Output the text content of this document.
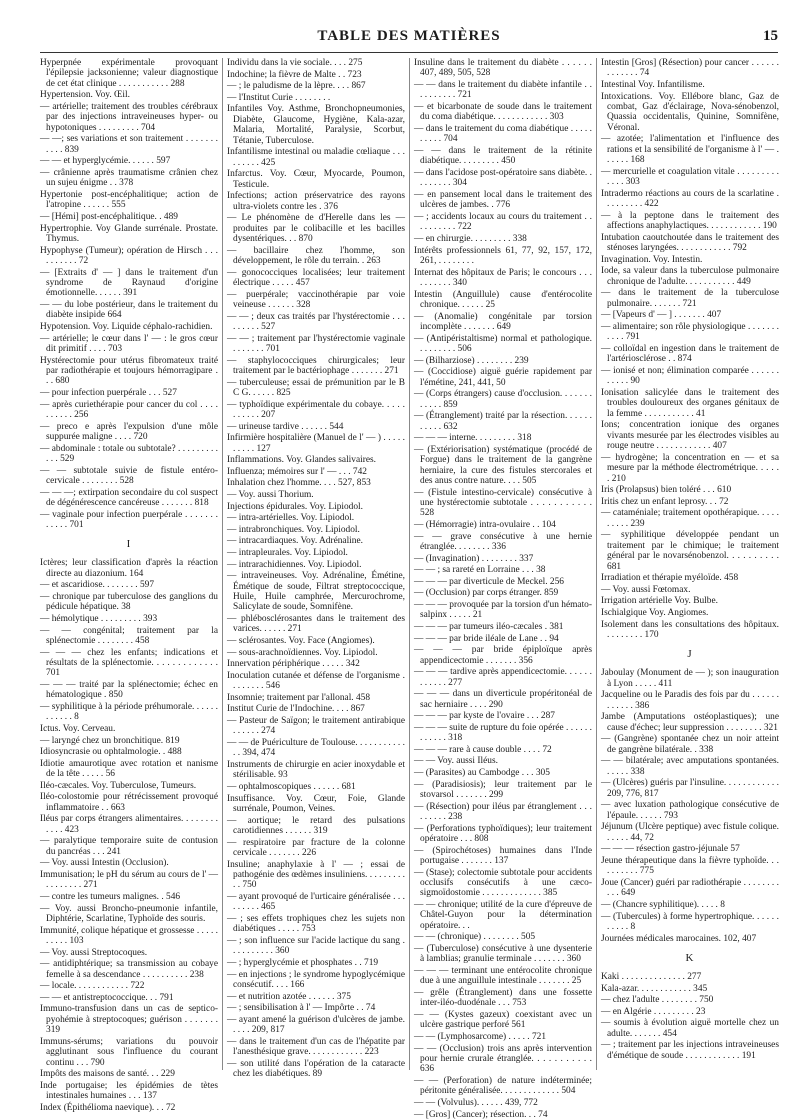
TABLE DES MATIÈRES	15
Hyperpnée expérimentale provoquant l'épilepsie jacksonienne; valeur diagnostique de cet état clinique . . . . . . . . . . . 288
Hypertension. Voy. Œil.
— artérielle; traitement des troubles cérébraux par des injections intraveineuses hyper- ou hypotoniques . . . . . . . . . 704
— —; ses variations et son traitement . . . . . . . . . . . 839
— — et hyperglycémie. . . . . . 597
— crânienne après traumatisme crânien chez un sujeu énigme . . 378
Hypertonie post-encéphalitique; action de l'atropine . . . . . . 555
— [Hémi] post-encéphalitique. . 489
Hypertrophie. Voy Glande surrénale. Prostate. Thymus.
Hypophyse (Tumeur); opération de Hirsch . . . . . . . . . . 72
— [Extraits d' — ] dans le traitement d'un syndrome de Raynaud d'origine émotionnelle. . . . . . 391
— — du lobe postérieur, dans le traitement du diabète insipide 664
Hypotension. Voy. Liquide céphalo-rachidien.
— artérielle; le cœur dans l' — : le gros cœur dit primitif . . . . 703
Hystérectomie pour utérus fibromateux traité par radiothérapie et toujours hémorragipare . . . 680
— pour infection puerpérale . . . 527
— après curiethérapie pour cancer du col . . . . . . . . . . 256
— preco e après l'expulsion d'une môle suppurée maligne . . . . 720
— abdominale : totale ou subtotale? . . . . . . . . . . . . 529
— — subtotale suivie de fistule entéro-cervicale . . . . . . . . 528
— — —; extirpation secondaire du col suspect de dégénérescence cancéreuse . . . . . . . 818
— vaginale pour infection puerpérale . . . . . . . . . . . . 701
I
Ictères; leur classification d'après la réaction directe au diazonium. 164
— et ascaridiose. . . . . . . . 597
— chronique par tuberculose des ganglions du pédicule hépatique. 38
— hémolytique . . . . . . . . . 393
— — congénital; traitement par la splénectomie . . . . . . . . 458
— — — chez les enfants; indications et résultats de la splénectomie. . . . . . . . . . . . . 701
— — — traité par la splénectomie; échec en hématologique . 850
— syphilitique à la période préhumorale. . . . . . . . . . . . 8
Ictus. Voy. Cerveau.
— laryngé chez un bronchitique. 819
Idiosyncrasie ou ophtalmologie. . 488
Idiotie amaurotique avec rotation et nanisme de la tête . . . . . 56
Iléo-cæcales. Voy. Tuberculose, Tumeurs.
Iléo-colostomie pour rétrécissement provoqué inflammatoire . . 663
Iléus par corps étrangers alimentaires. . . . . . . . . . . . 423
— paralytique temporaire suite de contusion du pancréas . . . 241
— Voy. aussi Intestin (Occlusion).
Immunisation; le pH du sérum au cours de l' — . . . . . . . . 271
— contre les tumeurs malignes. . 546
— Voy. aussi Broncho-pneumonie infantile, Diphtérie, Scarlatine, Typhoïde des souris.
Immunité, colique hépatique et grossesse . . . . . . . . . . 103
— Voy. aussi Streptocoques.
— antidiphtérique; sa transmission au cobaye femelle à sa descendance . . . . . . . . . . 238
— locale. . . . . . . . . . . . 722
— — et antistreptococcique. . . 791
Immuno-transfusion dans un cas de septico-pyohémie à streptocoques; guérison . . . . . . . 319
Immuns-sérums; variations du pouvoir agglutinant sous l'influence du courant continu . . . 790
Impôts des maisons de santé. . . 229
Inde portugaise; les épidémies de tètes intestinales humaines . . . 137
Index (Épithélioma naevique). . . 72
Individu dans la vie sociale. . . . 275
Indochine; la fièvre de Malte . . 723
— ; le paludisme de la lèpre. . . . 867
— l'Institut Curie . . . . . . . .
Infantiles Voy. Asthme, Bronchopneumonies, Diabète, Glaucome, Hygiène, Kala-azar, Malaria, Mortalité, Paralysie, Scorbut, Tétanie, Tuberculose.
Infantilisme intestinal ou maladie cœliaque . . . . . . . . . 425
Infarctus. Voy. Cœur, Myocarde, Poumon, Testicule.
Infections; action préservatrice des rayons ultra-violets contre les . 376
— Le phénomène de d'Herelle dans les — produites par le colibacille et les bacilles dysentériques. . . 870
— bacillaire chez l'homme, son développement, le rôle du terrain. . 263
— gonococciques localisées; leur traitement électrique . . . . . 457
— puerpérale; vaccinothérapie par voie veineuse . . . . . . 328
— — ; deux cas traités par l'hystérectomie . . . . . . . . . 527
— — ; traitement par l'hystérectomie vaginale . . . . . . . 701
— staphylococciques chirurgicales; leur traitement par le bactériophage . . . . . . . 271
— tuberculeuse; essai de prémunition par le B C G. . . . . . 825
— typhoïdique expérimentale du cobaye. . . . . . . . . . . 207
— urineuse tardive . . . . . . 544
Infirmière hospitalière (Manuel de l' — ) . . . . . . . . . . 127
Inflammations. Voy. Glandes salivaires.
Influenza; mémoires sur l' — . . . 742
Inhalation chez l'homme. . . . 527, 853
— Voy. aussi Thorium.
Injections épidurales. Voy. Lipiodol.
— intra-artérielles. Voy. Lipiodol.
— intrabronchiques. Voy. Lipiodol.
— intracardiaques. Voy. Adrénaline.
— intrapleurales. Voy. Lipiodol.
— intrarachidiennes. Voy. Lipiodol.
— intraveineuses. Voy. Adrénaline, Émétine, Émétique de soude, Filtrat streptococcique, Huile, Huile camphrée, Mercurochrome, Salicylate de soude, Somnifène.
— phlébosclérosantes dans le traitement des varices. . . . . . 271
— sclérosantes. Voy. Face (Angiomes).
— sous-arachnoïdiennes. Voy. Lipiodol.
Innervation périphérique . . . . . 342
Inoculation cutanée et défense de l'organisme . . . . . . . . 546
Insomnie; traitement par l'allonal. 458
Institut Curie de l'Indochine. . . . 867
— Pasteur de Saïgon; le traitement antirabique . . . . . . 274
— — de Puériculture de Toulouse. . . . . . . . . . . . . 394, 474
Instruments de chirurgie en acier inoxydable et stérilisable. 93
— ophtalmoscopiques . . . . . . 681
Insuffisance. Voy. Cœur, Foie, Glande surrénale, Poumon, Veines.
— aortique; le retard des pulsations carotidiennes . . . . . . 319
— respiratoire par fracture de la colonne cervicale . . . . . . . 226
Insuline; anaphylaxie à l' — ; essai de pathogénie des œdèmes insuliniens. . . . . . . . . . . 750
— ayant provoqué de l'urticaire généralisée . . . . . . . . . 465
— ; ses effets trophiques chez les sujets non diabétiques . . . . . 753
— ; son influence sur l'acide lactique du sang . . . . . . . . . . 360
— ; hyperglycémie et phosphates . . 719
— en injections ; le syndrome hypoglycémique consécutif. . . . 166
— et nutrition azotée . . . . . . 375
— ; sensibilisation à l' — Impôrte . . 74
— ayant amené la guérison d'ulcères de jambe. . . . . 209, 817
— dans le traitement d'un cas de l'hépatite par l'anesthésique grave. . . . . . . . . . . . 223
— son utilité dans l'opération de la cataracte chez les diabétiques. 89
Insuline dans le traitement du diabète . . . . . . 407, 489, 505, 528
— — dans le traitement du diabète infantile . . . . . . . . . . 721
— et bicarbonate de soude dans le traitement du coma diabétique. . . . . . . . . . . . 303
— dans le traitement du coma diabétique . . . . . . . . . . 704
— — dans le traitement de la rétinite diabétique. . . . . . . . . 450
— dans l'acidose post-opératoire sans diabète. . . . . . . . . 304
— en pansement local dans le traitement des ulcères de jambes. . 776
— ; accidents locaux au cours du traitement . . . . . . . . . . 722
— en chirurgie. . . . . . . . . 338
Intérêts professionnels 61, 77, 92, 157, 172, 261, . . . . . . . .
Internat des hôpitaux de Paris; le concours . . . . . . . . . . 340
Intestin (Anguillule) cause d'entérocolite chronique. . . . . . 25
— (Anomalie) congénitale par torsion incomplète . . . . . . . 649
— (Antipéristaltisme) normal et pathologique. . . . . . . . . 506
— (Bilharziose) . . . . . . . . 239
— (Coccidiose) aiguë guérie rapidement par l'émétine, 241, 441, 50
— (Corps étrangers) cause d'occlusion. . . . . . . . . . . . 859
— (Étranglement) traité par la résection. . . . . . . . . . . 632
— — — interne. . . . . . . . . 318
— (Extériorisation) systématique (procédé de Forgue) dans le traitement de la gangrène herniaire, la cure des fistules stercorales et des anus contre nature. . . . 505
— (Fistule intestino-cervicale) consécutive à une hystérectomie subtotale . . . . . . . . . . . 528
— (Hémorragie) intra-ovulaire . . 104
— — grave consécutive à une hernie étranglée. . . . . . . . 336
— (Invagination) . . . . . . . . 337
— — ; sa rareté en Lorraine . . . 38
— — — par diverticule de Meckel. 256
— (Occlusion) par corps étranger. 859
— — — provoquée par la torsion d'un hémato-salpinx . . . . . 21
— — — par tumeurs iléo-cæcales . 381
— — — par bride iléale de Lane . . 94
— — — par bride épiploïque après appendicectomie . . . . . . . 356
— — — tardive après appendicectomie. . . . . . . . . . . . 277
— — — dans un diverticule propéritonéal de sac herniaire . . . . 290
— — — par kyste de l'ovaire . . . 287
— — — suite de rupture du foie opérée . . . . . . . . . . . . 318
— — — rare à cause double . . . . 72
— — Voy. aussi Iléus.
— (Parasites) au Cambodge . . . 305
— (Paradisiosis); leur traitement par le stovarsol . . . . . . . 299
— (Résection) pour iléus par étranglement . . . . . . . . . 238
— (Perforations typhoïdiques); leur traitement opératoire . . . 808
— (Spirochétoses) humaines dans l'Inde portugaise . . . . . . . 137
— (Stase); colectomie subtotale pour accidents occlusifs consécutifs à une cæco-sigmoïdostomie . . . . . . . . . . . . . 385
— — chronique; utilité de la cure d'épreuve de Châtel-Guyon pour la détermination opératoire. . .
— — (chronique) . . . . . . . . 505
— (Tuberculose) consécutive à une dysenterie à lamblias; granulie terminale . . . . . . . 360
— — — terminant une entérocolite chronique due à une anguillule intestinale . . . . . . . 25
— grêle (Étranglement) dans une fossette inter-iléo-duodénale . . . 753
— — (Kystes gazeux) coexistant avec un ulcère gastrique perforé 561
— — (Lymphosarcome) . . . . . 721
— — (Occlusion) trois ans après intervention pour hernie crurale étranglée. . . . . . . . . . . 636
— — (Perforation) de nature indéterminée; péritonite généralisée. . . . . . . . . . . . . 504
— — (Volvulus). . . . . . 439, 772
— [Gros] (Cancer); résection. . . 74
Intestin [Gros] (Résection) pour cancer . . . . . . . . . . . . . 74
Intestinal Voy. Infantilisme.
Intoxications. Voy. Ellébore blanc, Gaz de combat, Gaz d'éclairage, Nova-sénobenzol, Quassia occidentalis, Quinine, Somnifène, Véronal.
— azotée; l'alimentation et l'influence des rations et la sensibilité de l'organisme à l' — . . . . . . 168
— mercurielle et coagulation vitale . . . . . . . . . . . . . 303
Intradermo réactions au cours de la scarlatine . . . . . . . . . 422
— à la peptone dans le traitement des affections anaphylactiques. . . . . . . . . . . . 190
Intubation caoutchoutée dans le traitement des sténoses laryngées. . . . . . . . . . . . 792
Invagination. Voy. Intestin.
Iode, sa valeur dans la tuberculose pulmonaire chronique de l'adulte. . . . . . . . . . . 449
— dans le traitement de la tuberculose pulmonaire. . . . . . . 721
— [Vapeurs d' — ] . . . . . . . 407
— alimentaire; son rôle physiologique . . . . . . . . . . . 791
— colloïdal en ingestion dans le traitement de l'artériosclérose . . 874
— ionisé et non; élimination comparée . . . . . . . . . . . 90
Ionisation salicylée dans le traitement des troubles douloureux des organes génitaux de la femme . . . . . . . . . . . 41
Ions; concentration ionique des organes vivants mesurée par les électrodes visibles au rouge neutre . . . . . . . . . . . . 407
— hydrogène; la concentration en — et sa mesure par la méthode électrométrique. . . . . . 210
Iris (Prolapsus) bien toléré . . . 610
Iritis chez un enfant leprosy. . . 72
— cataméniale; traitement opothérapique. . . . . . . . . . 239
— syphilitique développée pendant un traitement par le chimique; le traitement général par le novarsénobenzol. . . . . . . . . . 681
Irradiation et thérapie myéloïde. 458
— Voy. aussi Fœtomax.
Irrigation artérielle Voy. Bulbe.
Ischialgique Voy. Angiomes.
Isolement dans les consultations des hôpitaux. . . . . . . . . 170
J
Jaboulay (Monument de — ); son inauguration à Lyon . . . . . 411
Jacqueline ou le Paradis des fois par du . . . . . . . . . . . . 386
Jambe (Amputations ostéoplastiques); une cause d'échec; leur suppression . . . . . . . . 321
— (Gangrène) spontanée chez un noir atteint de gangrène bilatérale. . 338
— — bilatérale; avec amputations spontanées. . . . . . 338
— (Ulcères) guéris par l'insuline. . . . . . . . . . . . 209, 776, 817
— avec luxation pathologique consécutive de l'épaule. . . . . . 793
Jéjunum (Ulcère peptique) avec fistule colique. . . . . . 44, 72
— — — résection gastro-jéjunale 57
Jeune thérapeutique dans la fièvre typhoïde. . . . . . . . . . 775
Joue (Cancer) guéri par radiothérapie . . . . . . . . . . . 649
— (Chancre syphilitique). . . . . 8
— (Tubercules) à forme hypertrophique. . . . . . . . . . . 8
Journées médicales marocaines. 102, 407
K
Kaki . . . . . . . . . . . . . . 277
Kala-azar. . . . . . . . . . . . 345
— chez l'adulte . . . . . . . . 750
— en Algérie . . . . . . . . . 23
— soumis à évolution aiguë mortelle chez un adulte. . . . . . . 454
— ; traitement par les injections intraveineuses d'émétique de soude . . . . . . . . . . . . 191
